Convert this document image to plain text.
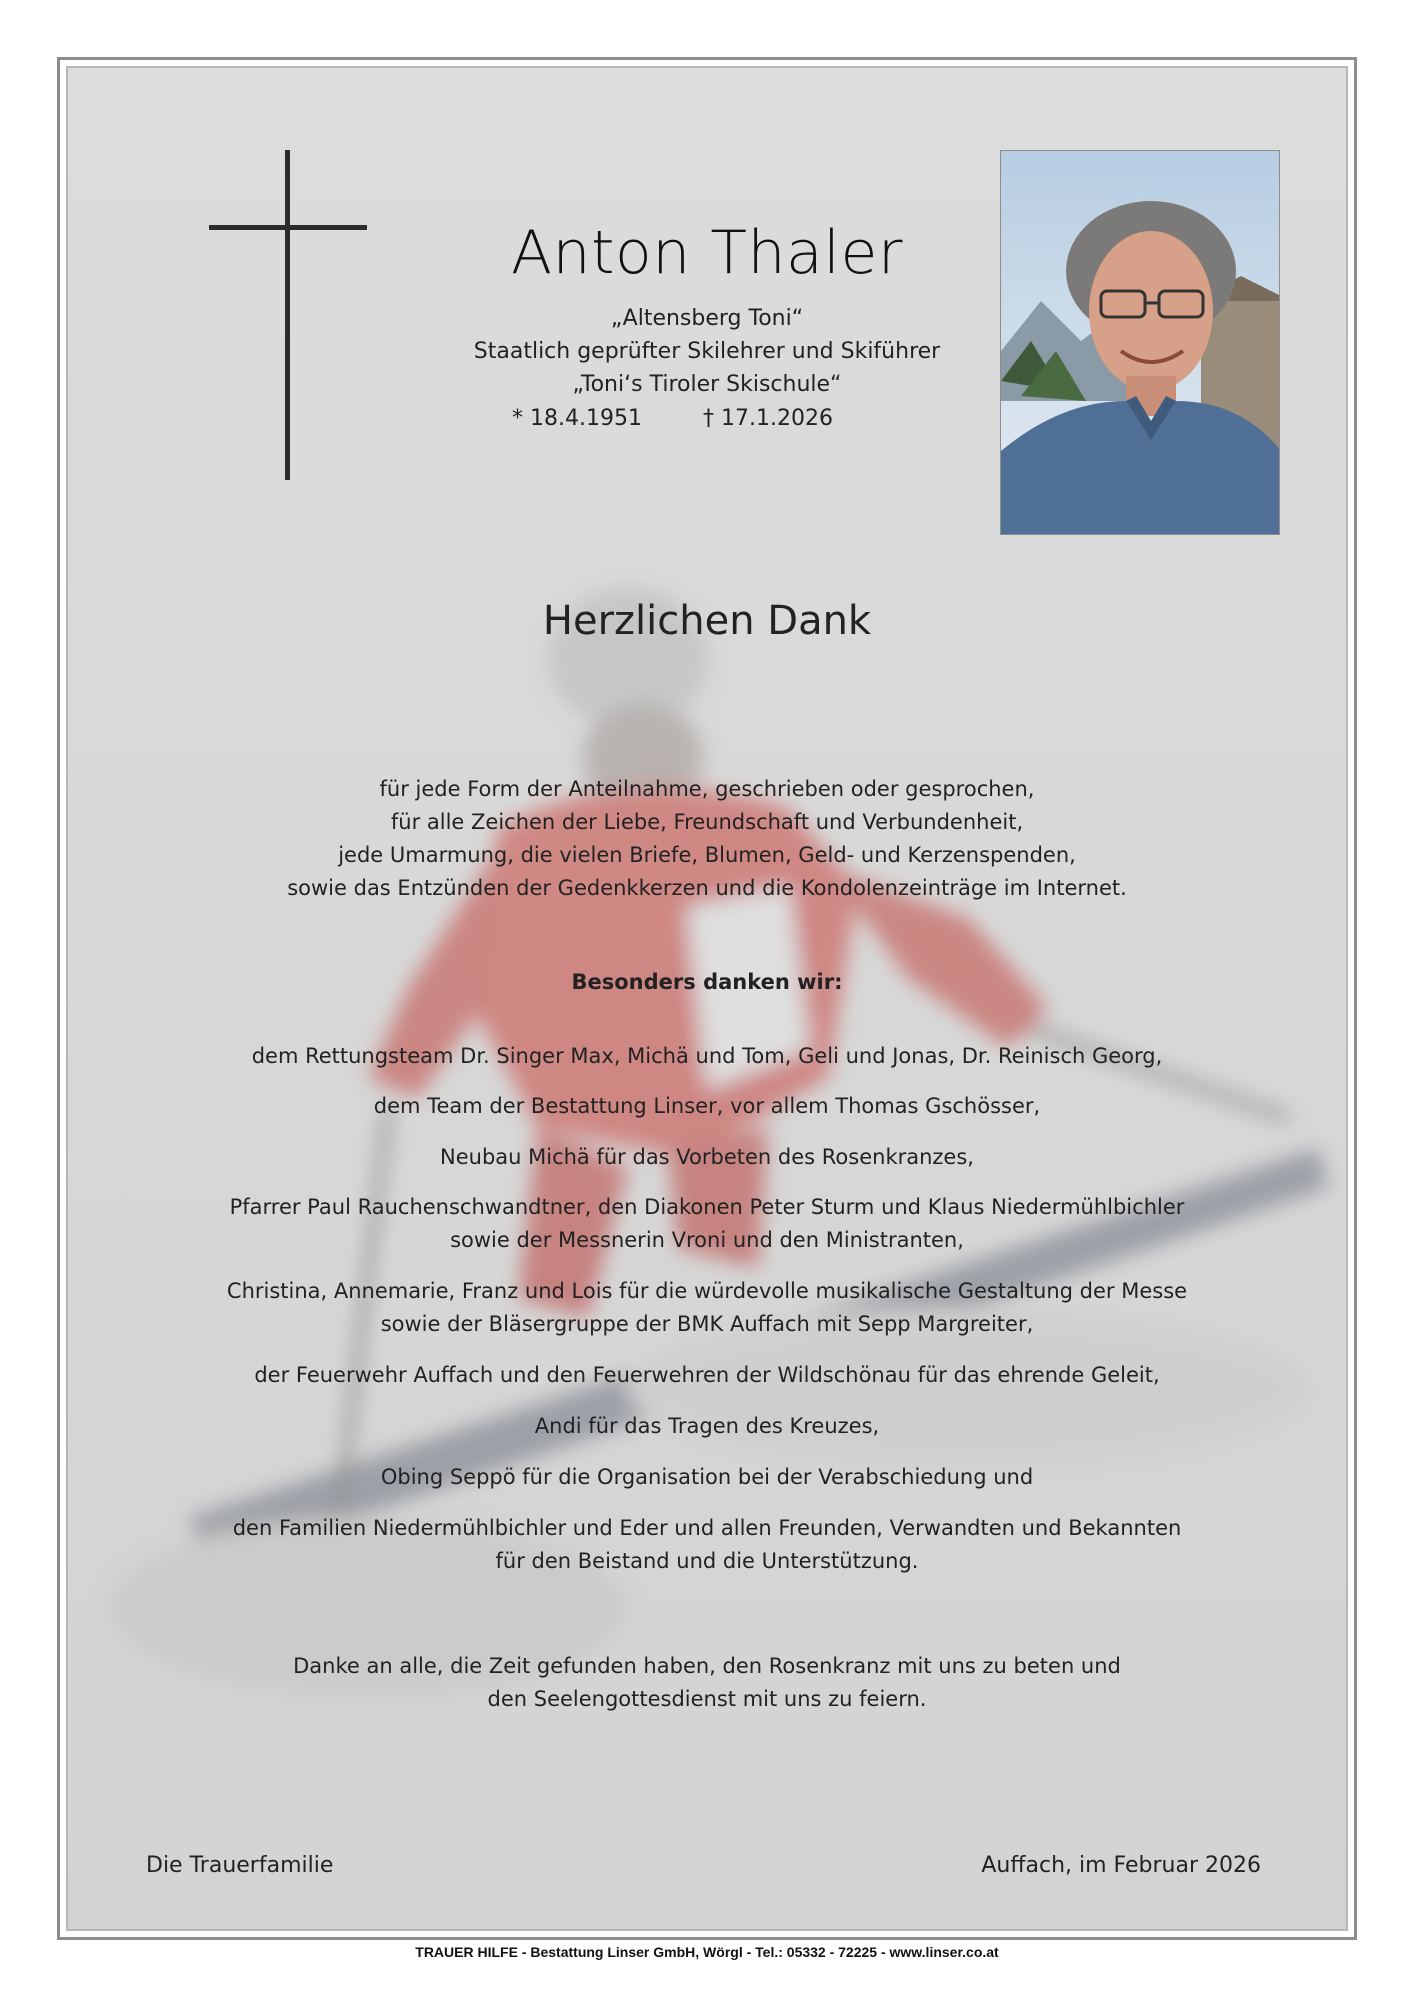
Anton Thaler
„Altensberg Toni“
Staatlich geprüfter Skilehrer und Skiführer
„Toni‘s Tiroler Skischule“
* 18.4.1951	† 17.1.2026
Herzlichen Dank
für jede Form der Anteilnahme, geschrieben oder gesprochen,
für alle Zeichen der Liebe, Freundschaft und Verbundenheit,
jede Umarmung, die vielen Briefe, Blumen, Geld- und Kerzenspenden,
sowie das Entzünden der Gedenkkerzen und die Kondolenzeinträge im Internet.
Besonders danken wir:
dem Rettungsteam Dr. Singer Max, Michä und Tom, Geli und Jonas, Dr. Reinisch Georg,
dem Team der Bestattung Linser, vor allem Thomas Gschösser,
Neubau Michä für das Vorbeten des Rosenkranzes,
Pfarrer Paul Rauchenschwandtner, den Diakonen Peter Sturm und Klaus Niedermühlbichler
sowie der Messnerin Vroni und den Ministranten,
Christina, Annemarie, Franz und Lois für die würdevolle musikalische Gestaltung der Messe
sowie der Bläsergruppe der BMK Auffach mit Sepp Margreiter,
der Feuerwehr Auffach und den Feuerwehren der Wildschönau für das ehrende Geleit,
Andi für das Tragen des Kreuzes,
Obing Seppö für die Organisation bei der Verabschiedung und
den Familien Niedermühlbichler und Eder und allen Freunden, Verwandten und Bekannten
für den Beistand und die Unterstützung.
Danke an alle, die Zeit gefunden haben, den Rosenkranz mit uns zu beten und
den Seelengottesdienst mit uns zu feiern.
Die Trauerfamilie	Auffach, im Februar 2026
TRAUER HILFE - Bestattung Linser GmbH, Wörgl - Tel.: 05332 - 72225 - www.linser.co.at
